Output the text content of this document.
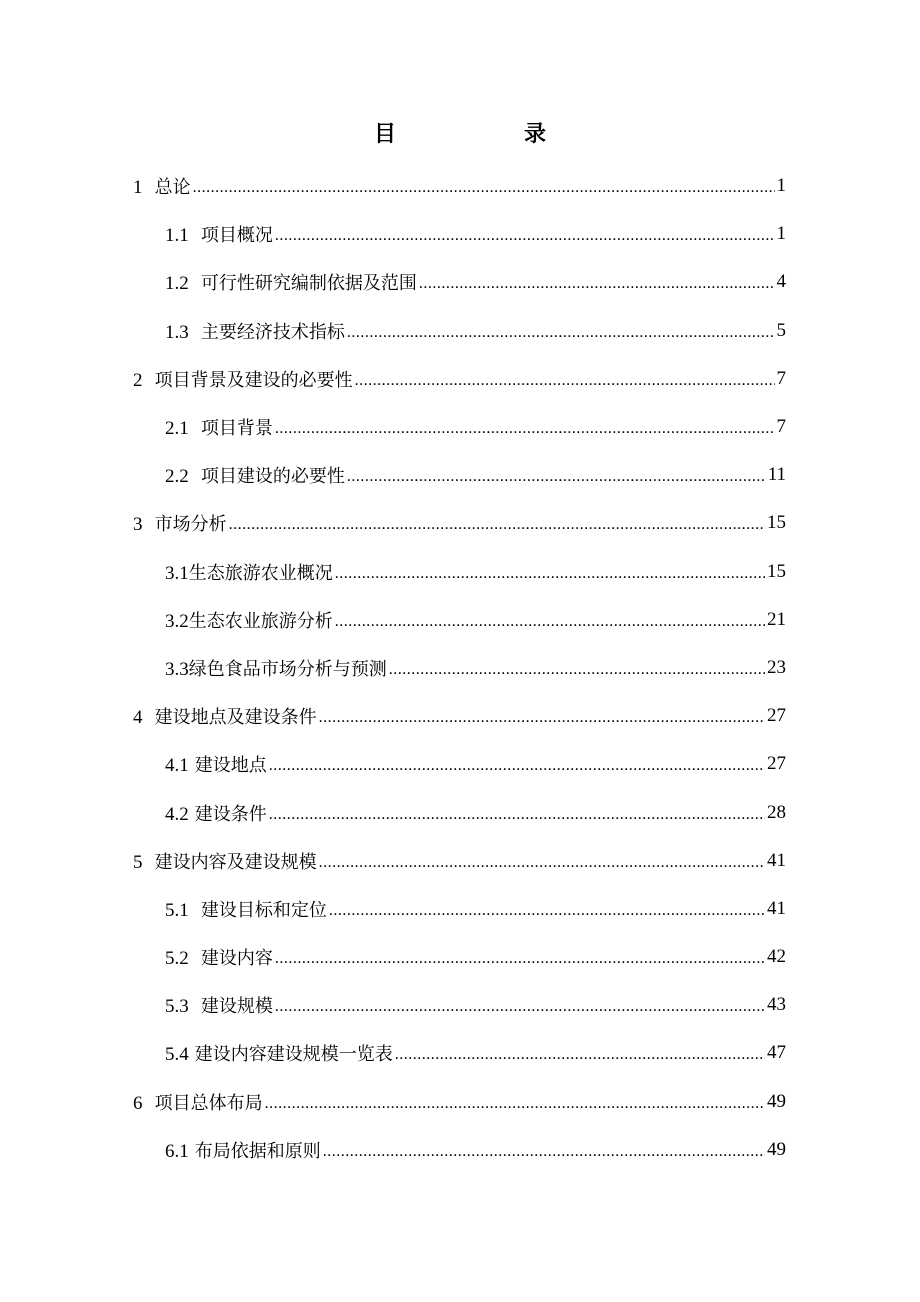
目　　录
1 总论 .....	1
1.1 项目概况 .....	1
1.2 可行性研究编制依据及范围 .....	4
1.3 主要经济技术指标 .....	5
2 项目背景及建设的必要性 .....	7
2.1 项目背景 .....	7
2.2 项目建设的必要性 .....	11
3 市场分析 .....	15
3.1生态旅游农业概况 .....	15
3.2生态农业旅游分析 .....	21
3.3绿色食品市场分析与预测 .....	23
4 建设地点及建设条件 .....	27
4.1 建设地点 .....	27
4.2 建设条件 .....	28
5 建设内容及建设规模 .....	41
5.1 建设目标和定位 .....	41
5.2 建设内容 .....	42
5.3 建设规模 .....	43
5.4 建设内容建设规模一览表 .....	47
6 项目总体布局 .....	49
6.1 布局依据和原则 .....	49
